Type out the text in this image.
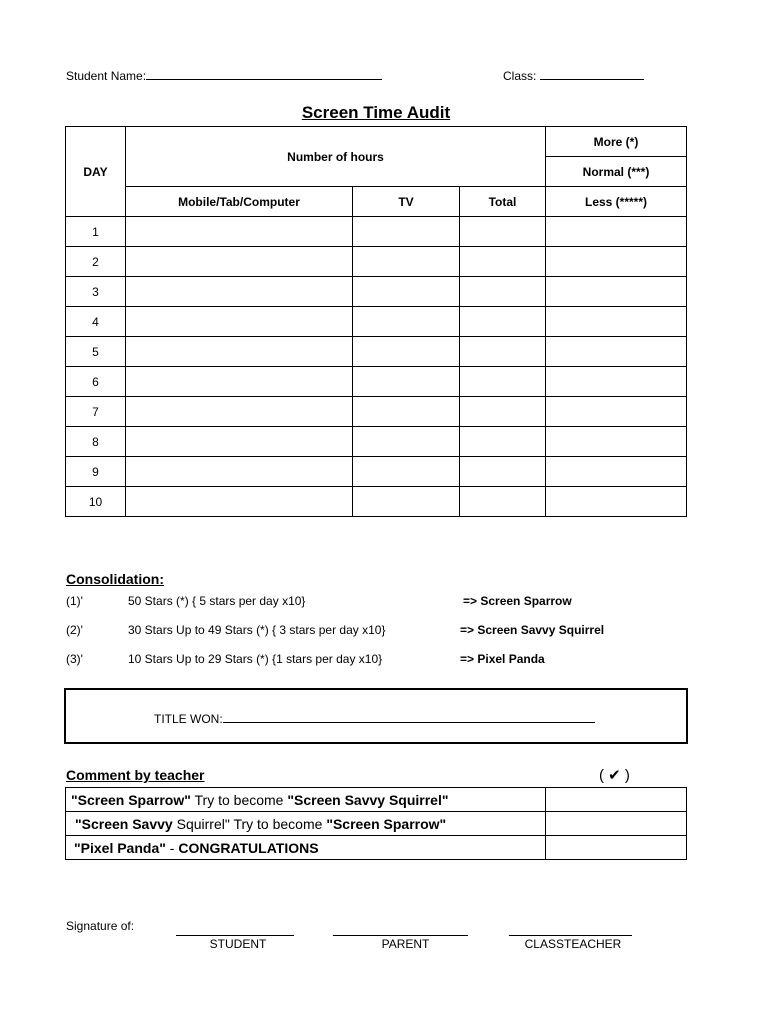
Student Name:	Class:
Screen Time Audit
DAY	Number of hours			More (*)
				Normal (***)
	Mobile/Tab/Computer	TV	Total	Less (*****)
1				
2				
3				
4				
5				
6				
7				
8				
9				
10				
Consolidation:
(1)'	50 Stars (*) { 5 stars per day x10}	=> Screen Sparrow
(2)'	30 Stars Up to 49 Stars (*) { 3 stars per day x10}	=> Screen Savvy Squirrel
(3)'	10 Stars Up to 29 Stars (*) {1 stars per day x10}	=> Pixel Panda
TITLE WON:
Comment by teacher	( ✔ )
"Screen Sparrow" Try to become "Screen Savvy Squirrel"	
"Screen Savvy Squirrel" Try to become "Screen Sparrow"	
"Pixel Panda" - CONGRATULATIONS	
Signature of:
STUDENT	PARENT	CLASSTEACHER
